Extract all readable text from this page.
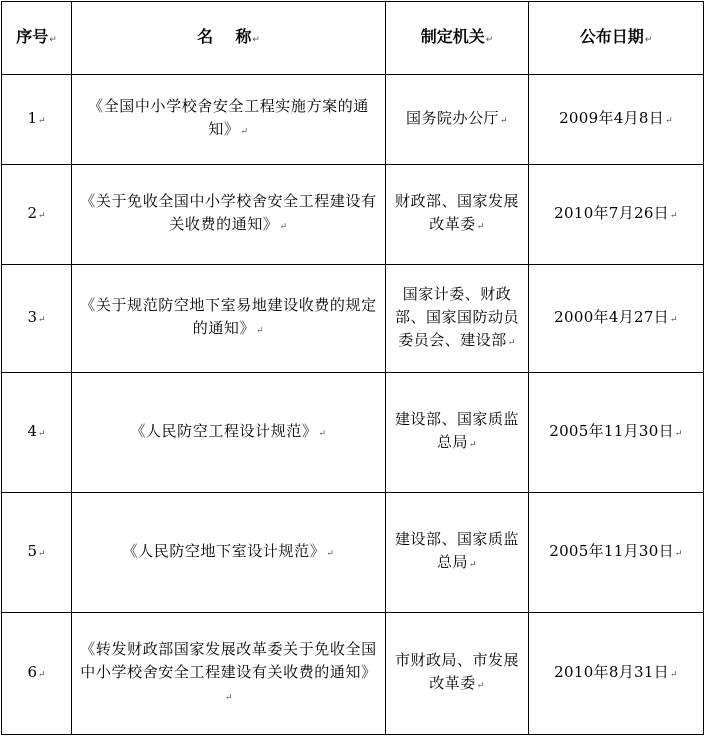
序号↵	名    称↵	制定机关↵	公布日期↵
1↵	《全国中小学校舍安全工程实施方案的通知》↵	国务院办公厅↵	2009年4月8日↵
2↵	《关于免收全国中小学校舍安全工程建设有关收费的通知》↵	财政部、国家发展改革委↵	2010年7月26日↵
3↵	《关于规范防空地下室易地建设收费的规定的通知》↵	国家计委、财政部、国家国防动员委员会、建设部↵	2000年4月27日↵
4↵	《人民防空工程设计规范》↵	建设部、国家质监总局↵	2005年11月30日↵
5↵	《人民防空地下室设计规范》↵	建设部、国家质监总局↵	2005年11月30日↵
6↵	《转发财政部国家发展改革委关于免收全国中小学校舍安全工程建设有关收费的通知》↵	市财政局、市发展改革委↵	2010年8月31日↵
